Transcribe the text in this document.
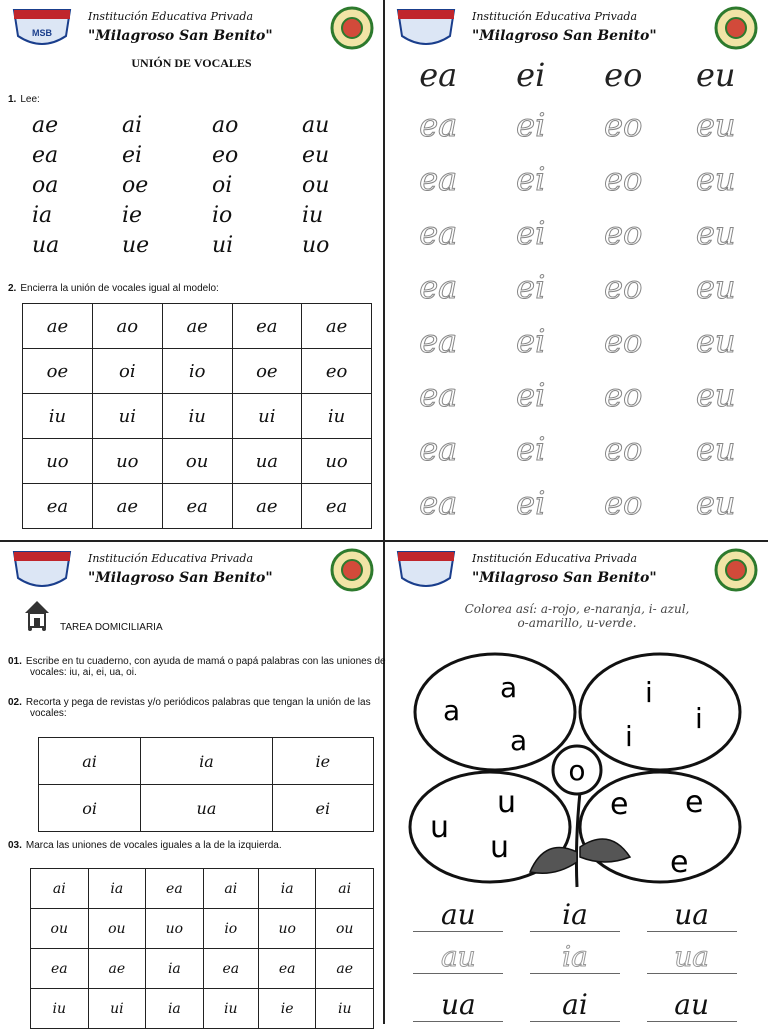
MSB
Institución Educativa Privada
"Milagroso San Benito"
Institución Educativa Privada
"Milagroso San Benito"
Institución Educativa Privada
"Milagroso San Benito"
Institución Educativa Privada
"Milagroso San Benito"
UNIÓN DE VOCALES
1. Lee:
ae	ai	ao	au
ea	ei	eo	eu
oa	oe	oi	ou
ia	ie	io	iu
ua	ue	ui	uo
2. Encierra la unión de vocales igual al modelo:
ae	ao	ae	ea	ae
oe	oi	io	oe	eo
iu	ui	iu	ui	iu
uo	uo	ou	ua	uo
ea	ae	ea	ae	ea
ea	ei	eo	eu
ea	ei	eo	eu
ea	ei	eo	eu
ea	ei	eo	eu
ea	ei	eo	eu
ea	ei	eo	eu
ea	ei	eo	eu
ea	ei	eo	eu
ea	ei	eo	eu
TAREA DOMICILIARIA
01. Escribe en tu cuaderno, con ayuda de mamá o papá palabras con las uniones de
vocales: iu, ai, ei, ua, oi.
02. Recorta y pega de revistas y/o periódicos palabras que tengan la unión de las
vocales:
ai	ia	ie
oi	ua	ei
03. Marca las uniones de vocales iguales a la de la izquierda.
ai	ia	ea	ai	ia	ai
ou	ou	uo	io	uo	ou
ea	ae	ia	ea	ea	ae
iu	ui	ia	iu	ie	iu
Colorea así: a-rojo, e-naranja, i- azul,
o-amarillo, u-verde.
o
a
a
a
i
i
i
u
u
u
e e
e
au	ia	ua
au	ia	ua
ua	ai	au
